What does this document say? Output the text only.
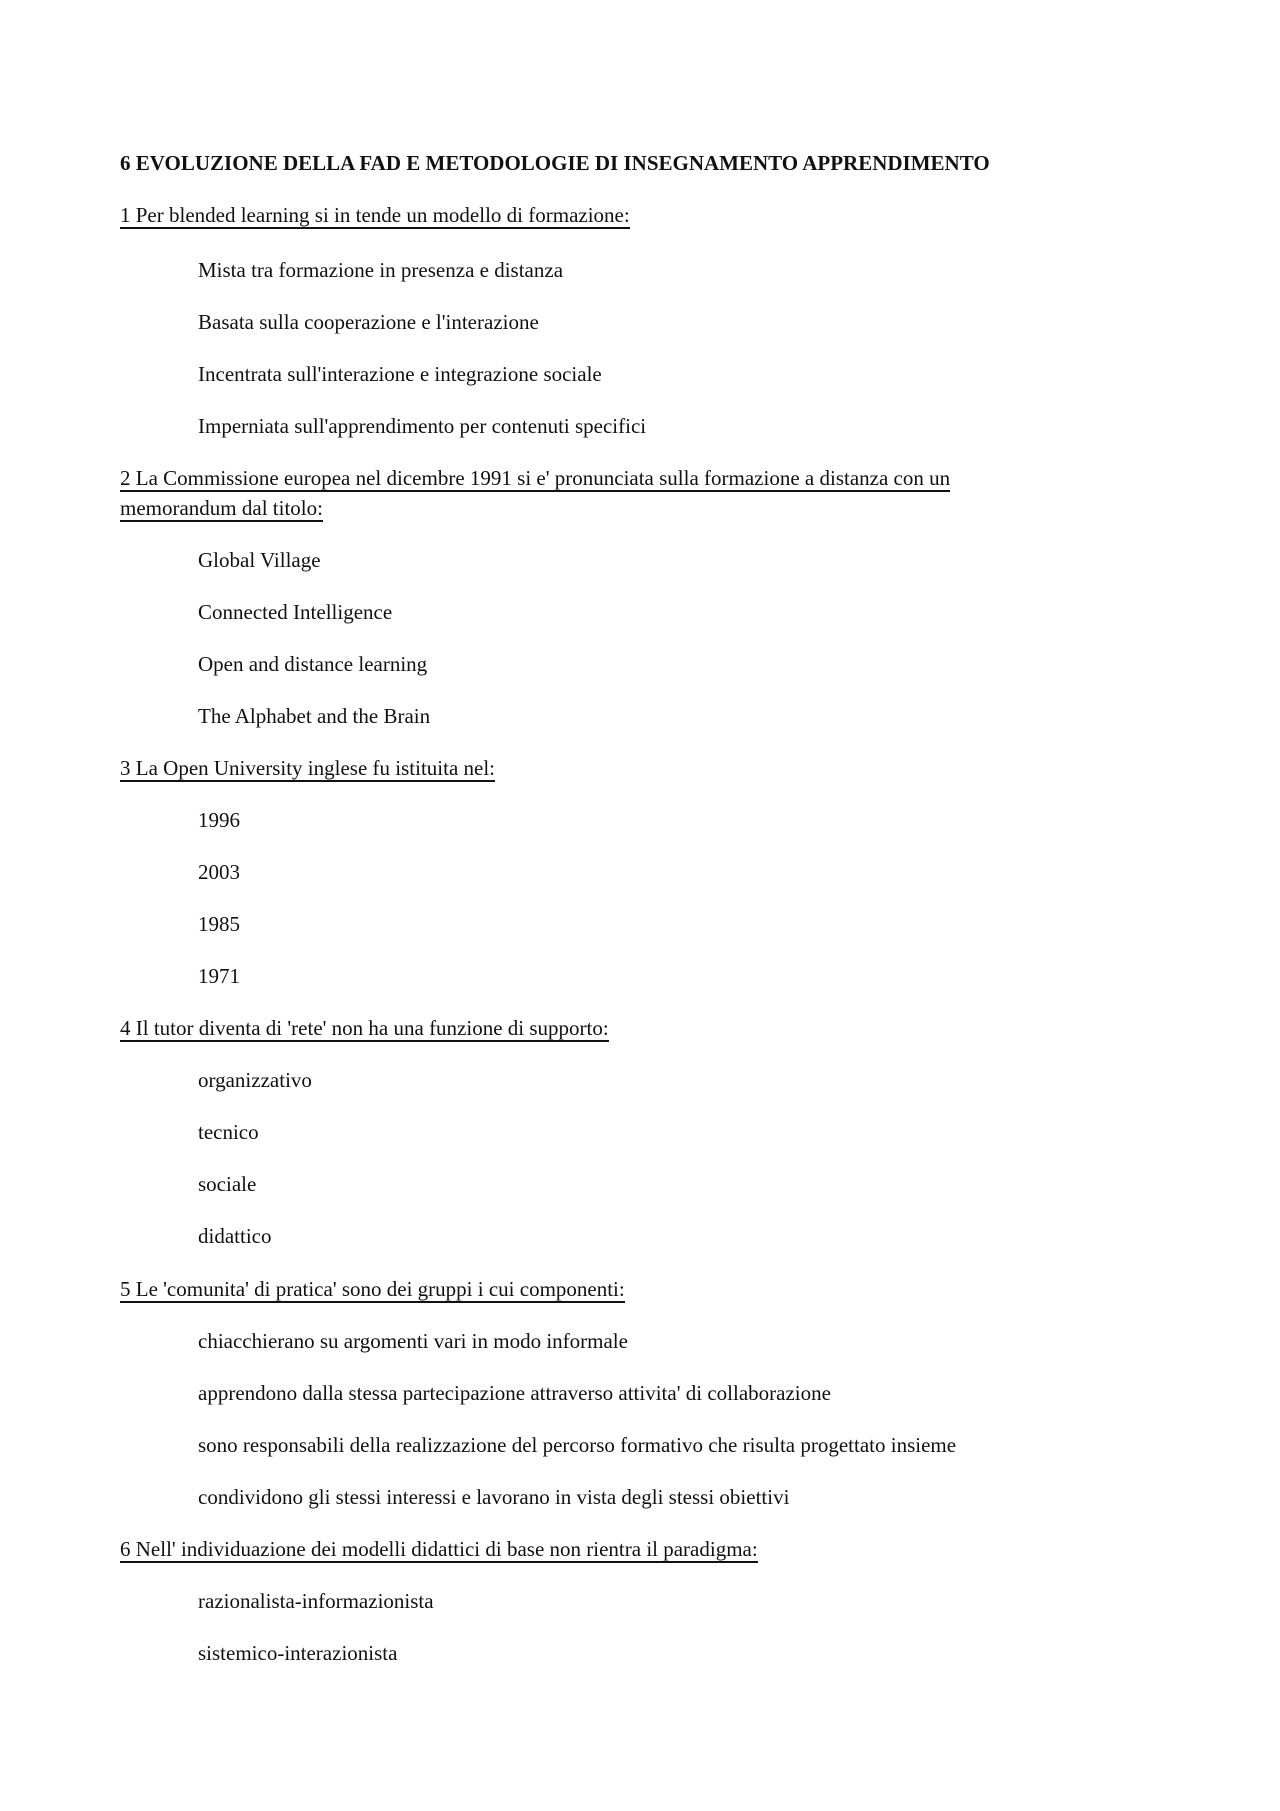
6 EVOLUZIONE DELLA FAD E METODOLOGIE DI INSEGNAMENTO APPRENDIMENTO
1 Per blended learning si in tende un modello di formazione:
Mista tra formazione in presenza e distanza
Basata sulla cooperazione e l'interazione
Incentrata sull'interazione e integrazione sociale
Imperniata sull'apprendimento per contenuti specifici
2 La Commissione europea nel dicembre 1991 si e' pronunciata sulla formazione a distanza con un
memorandum dal titolo:
Global Village
Connected Intelligence
Open and distance learning
The Alphabet and the Brain
3 La Open University inglese fu istituita nel:
1996
2003
1985
1971
4 Il tutor diventa di 'rete' non ha una funzione di supporto:
organizzativo
tecnico
sociale
didattico
5 Le 'comunita' di pratica' sono dei gruppi i cui componenti:
chiacchierano su argomenti vari in modo informale
apprendono dalla stessa partecipazione attraverso attivita' di collaborazione
sono responsabili della realizzazione del percorso formativo che risulta progettato insieme
condividono gli stessi interessi e lavorano in vista degli stessi obiettivi
6 Nell' individuazione dei modelli didattici di base non rientra il paradigma:
razionalista-informazionista
sistemico-interazionista
